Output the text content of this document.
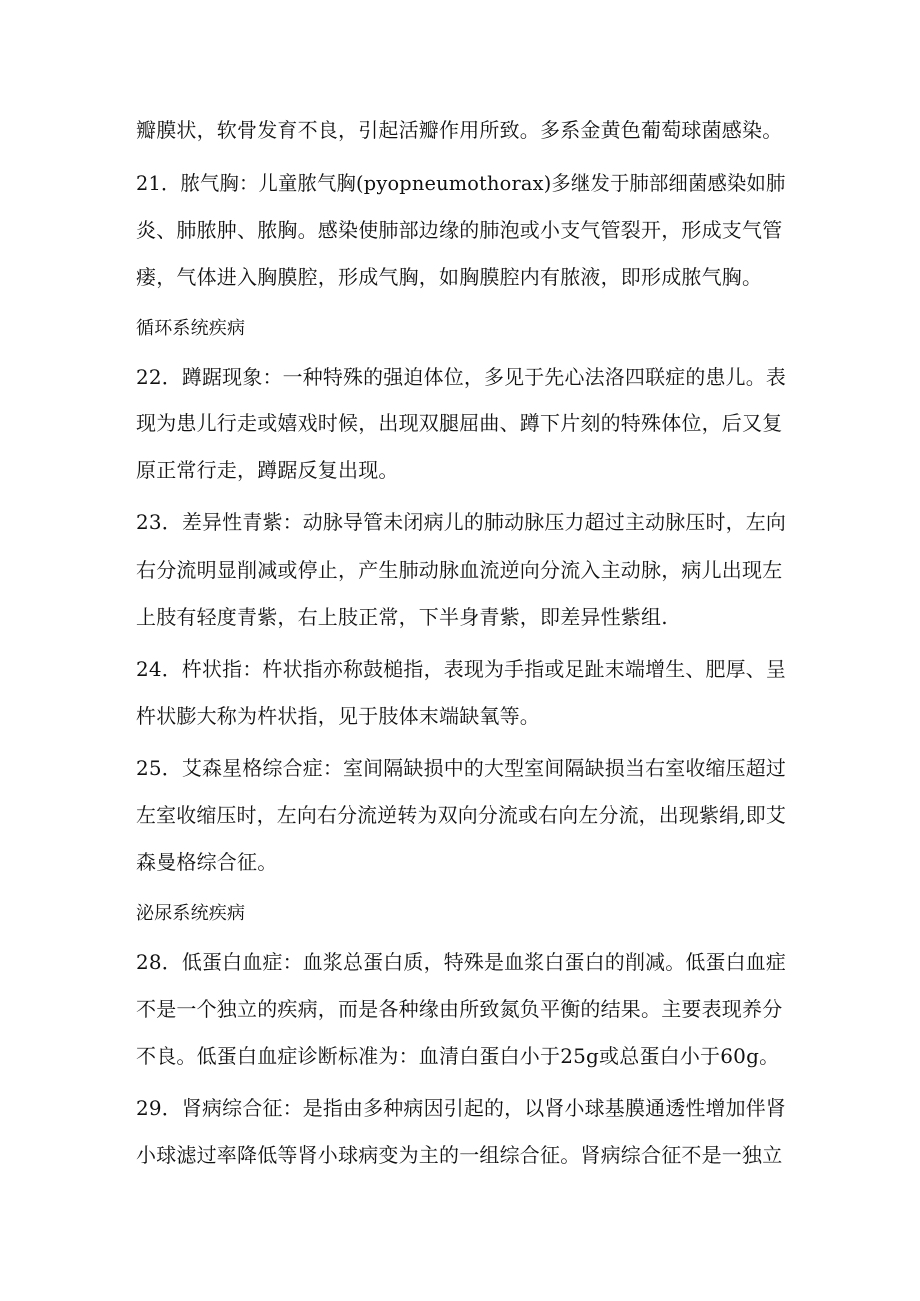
瓣膜状，软骨发育不良，引起活瓣作用所致。多系金黄色葡萄球菌感染。
21．脓气胸：儿童脓气胸(pyopneumothorax)多继发于肺部细菌感染如肺
炎、肺脓肿、脓胸。感染使肺部边缘的肺泡或小支气管裂开，形成支气管
瘘，气体进入胸膜腔，形成气胸，如胸膜腔内有脓液，即形成脓气胸。
循环系统疾病
22．蹲踞现象：一种特殊的强迫体位，多见于先心法洛四联症的患儿。表
现为患儿行走或嬉戏时候，出现双腿屈曲、蹲下片刻的特殊体位，后又复
原正常行走，蹲踞反复出现。
23．差异性青紫：动脉导管未闭病儿的肺动脉压力超过主动脉压时，左向
右分流明显削减或停止，产生肺动脉血流逆向分流入主动脉，病儿出现左
上肢有轻度青紫，右上肢正常，下半身青紫，即差异性紫组.
24．杵状指：杵状指亦称鼓槌指，表现为手指或足趾末端增生、肥厚、呈
杵状膨大称为杵状指，见于肢体末端缺氧等。
25．艾森星格综合症：室间隔缺损中的大型室间隔缺损当右室收缩压超过
左室收缩压时，左向右分流逆转为双向分流或右向左分流，出现紫绢,即艾
森曼格综合征。
泌尿系统疾病
28．低蛋白血症：血浆总蛋白质，特殊是血浆白蛋白的削减。低蛋白血症
不是一个独立的疾病，而是各种缘由所致氮负平衡的结果。主要表现养分
不良。低蛋白血症诊断标准为：血清白蛋白小于25g或总蛋白小于60g。
29．肾病综合征：是指由多种病因引起的，以肾小球基膜通透性增加伴肾
小球滤过率降低等肾小球病变为主的一组综合征。肾病综合征不是一独立
